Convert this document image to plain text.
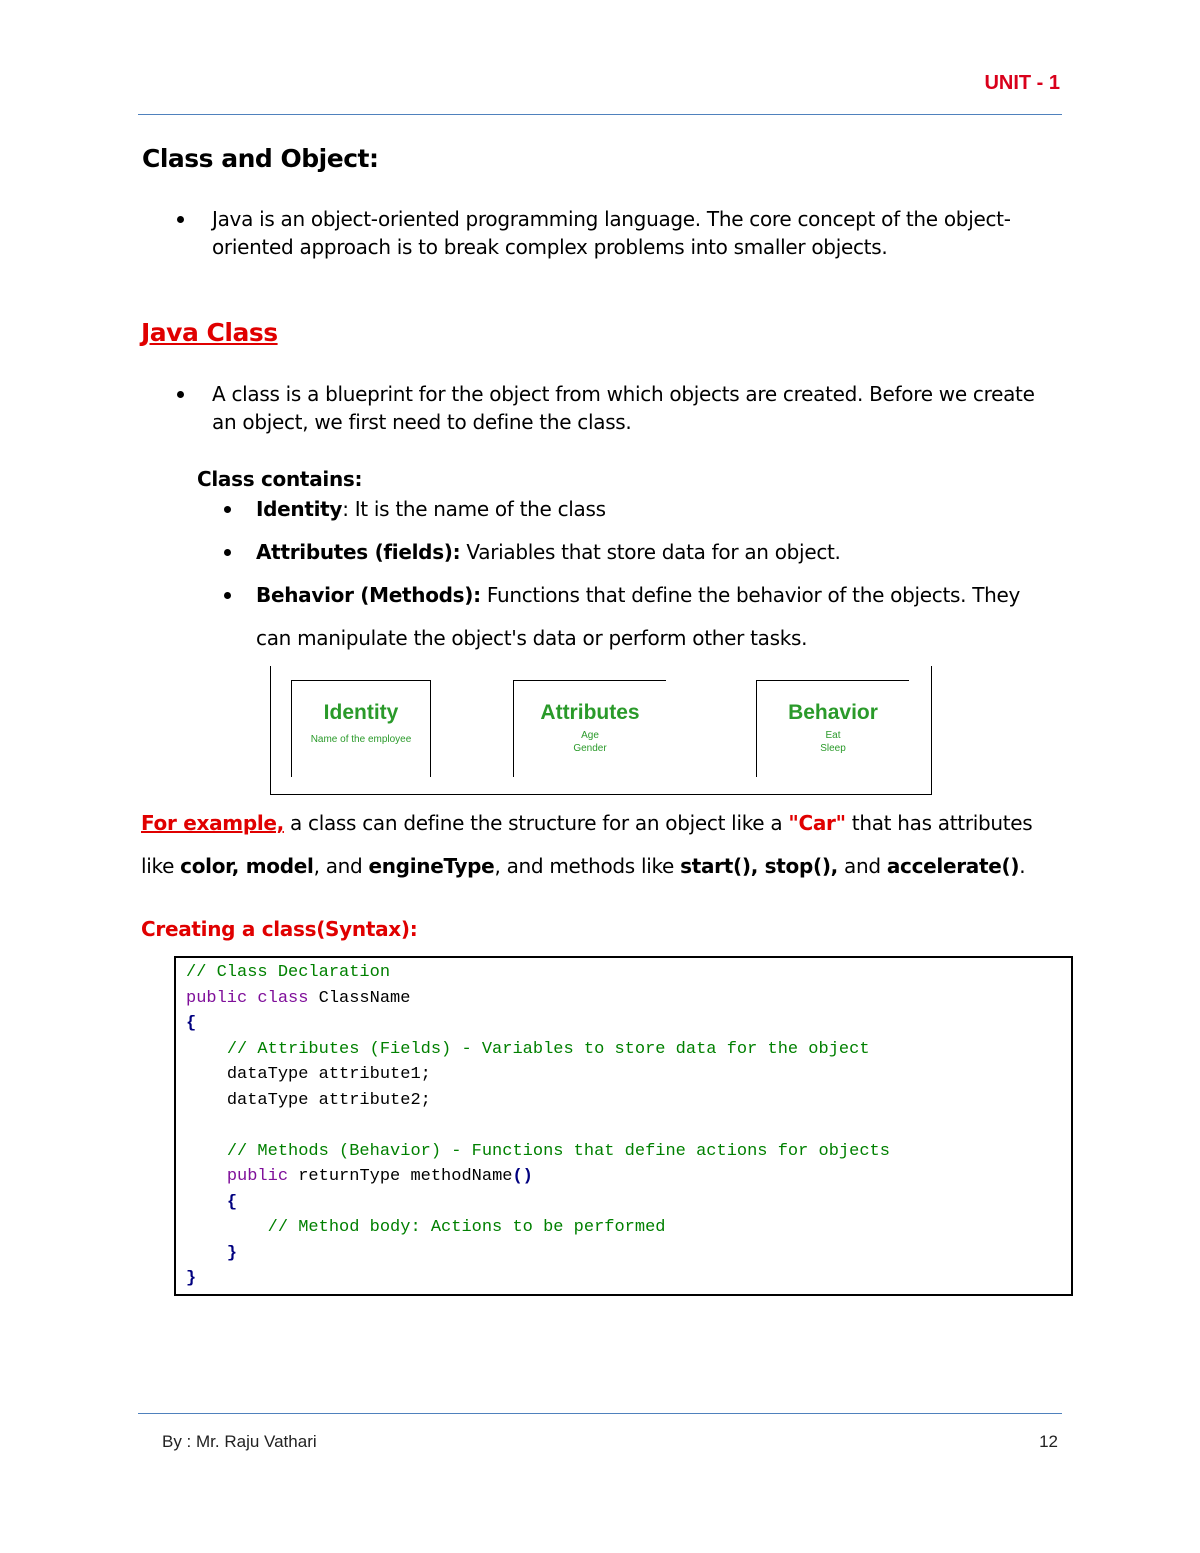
UNIT - 1
Class and Object:
Java is an object-oriented programming language. The core concept of the object-
oriented approach is to break complex problems into smaller objects.
Java Class
A class is a blueprint for the object from which objects are created. Before we create
an object, we first need to define the class.
Class contains:
Identity: It is the name of the class
Attributes (fields): Variables that store data for an object.
Behavior (Methods): Functions that define the behavior of the objects. They
can manipulate the object's data or perform other tasks.
Identity
Name of the employee
Attributes
Age
Gender
Behavior
Eat
Sleep
For example, a class can define the structure for an object like a "Car" that has attributes
like color, model, and engineType, and methods like start(), stop(), and accelerate().
Creating a class(Syntax):
// Class Declaration
public class ClassName
{
// Attributes (Fields) - Variables to store data for the object
dataType attribute1;
dataType attribute2;

// Methods (Behavior) - Functions that define actions for objects
public returnType methodName()
{
// Method body: Actions to be performed
}
}
By : Mr. Raju Vathari	12
